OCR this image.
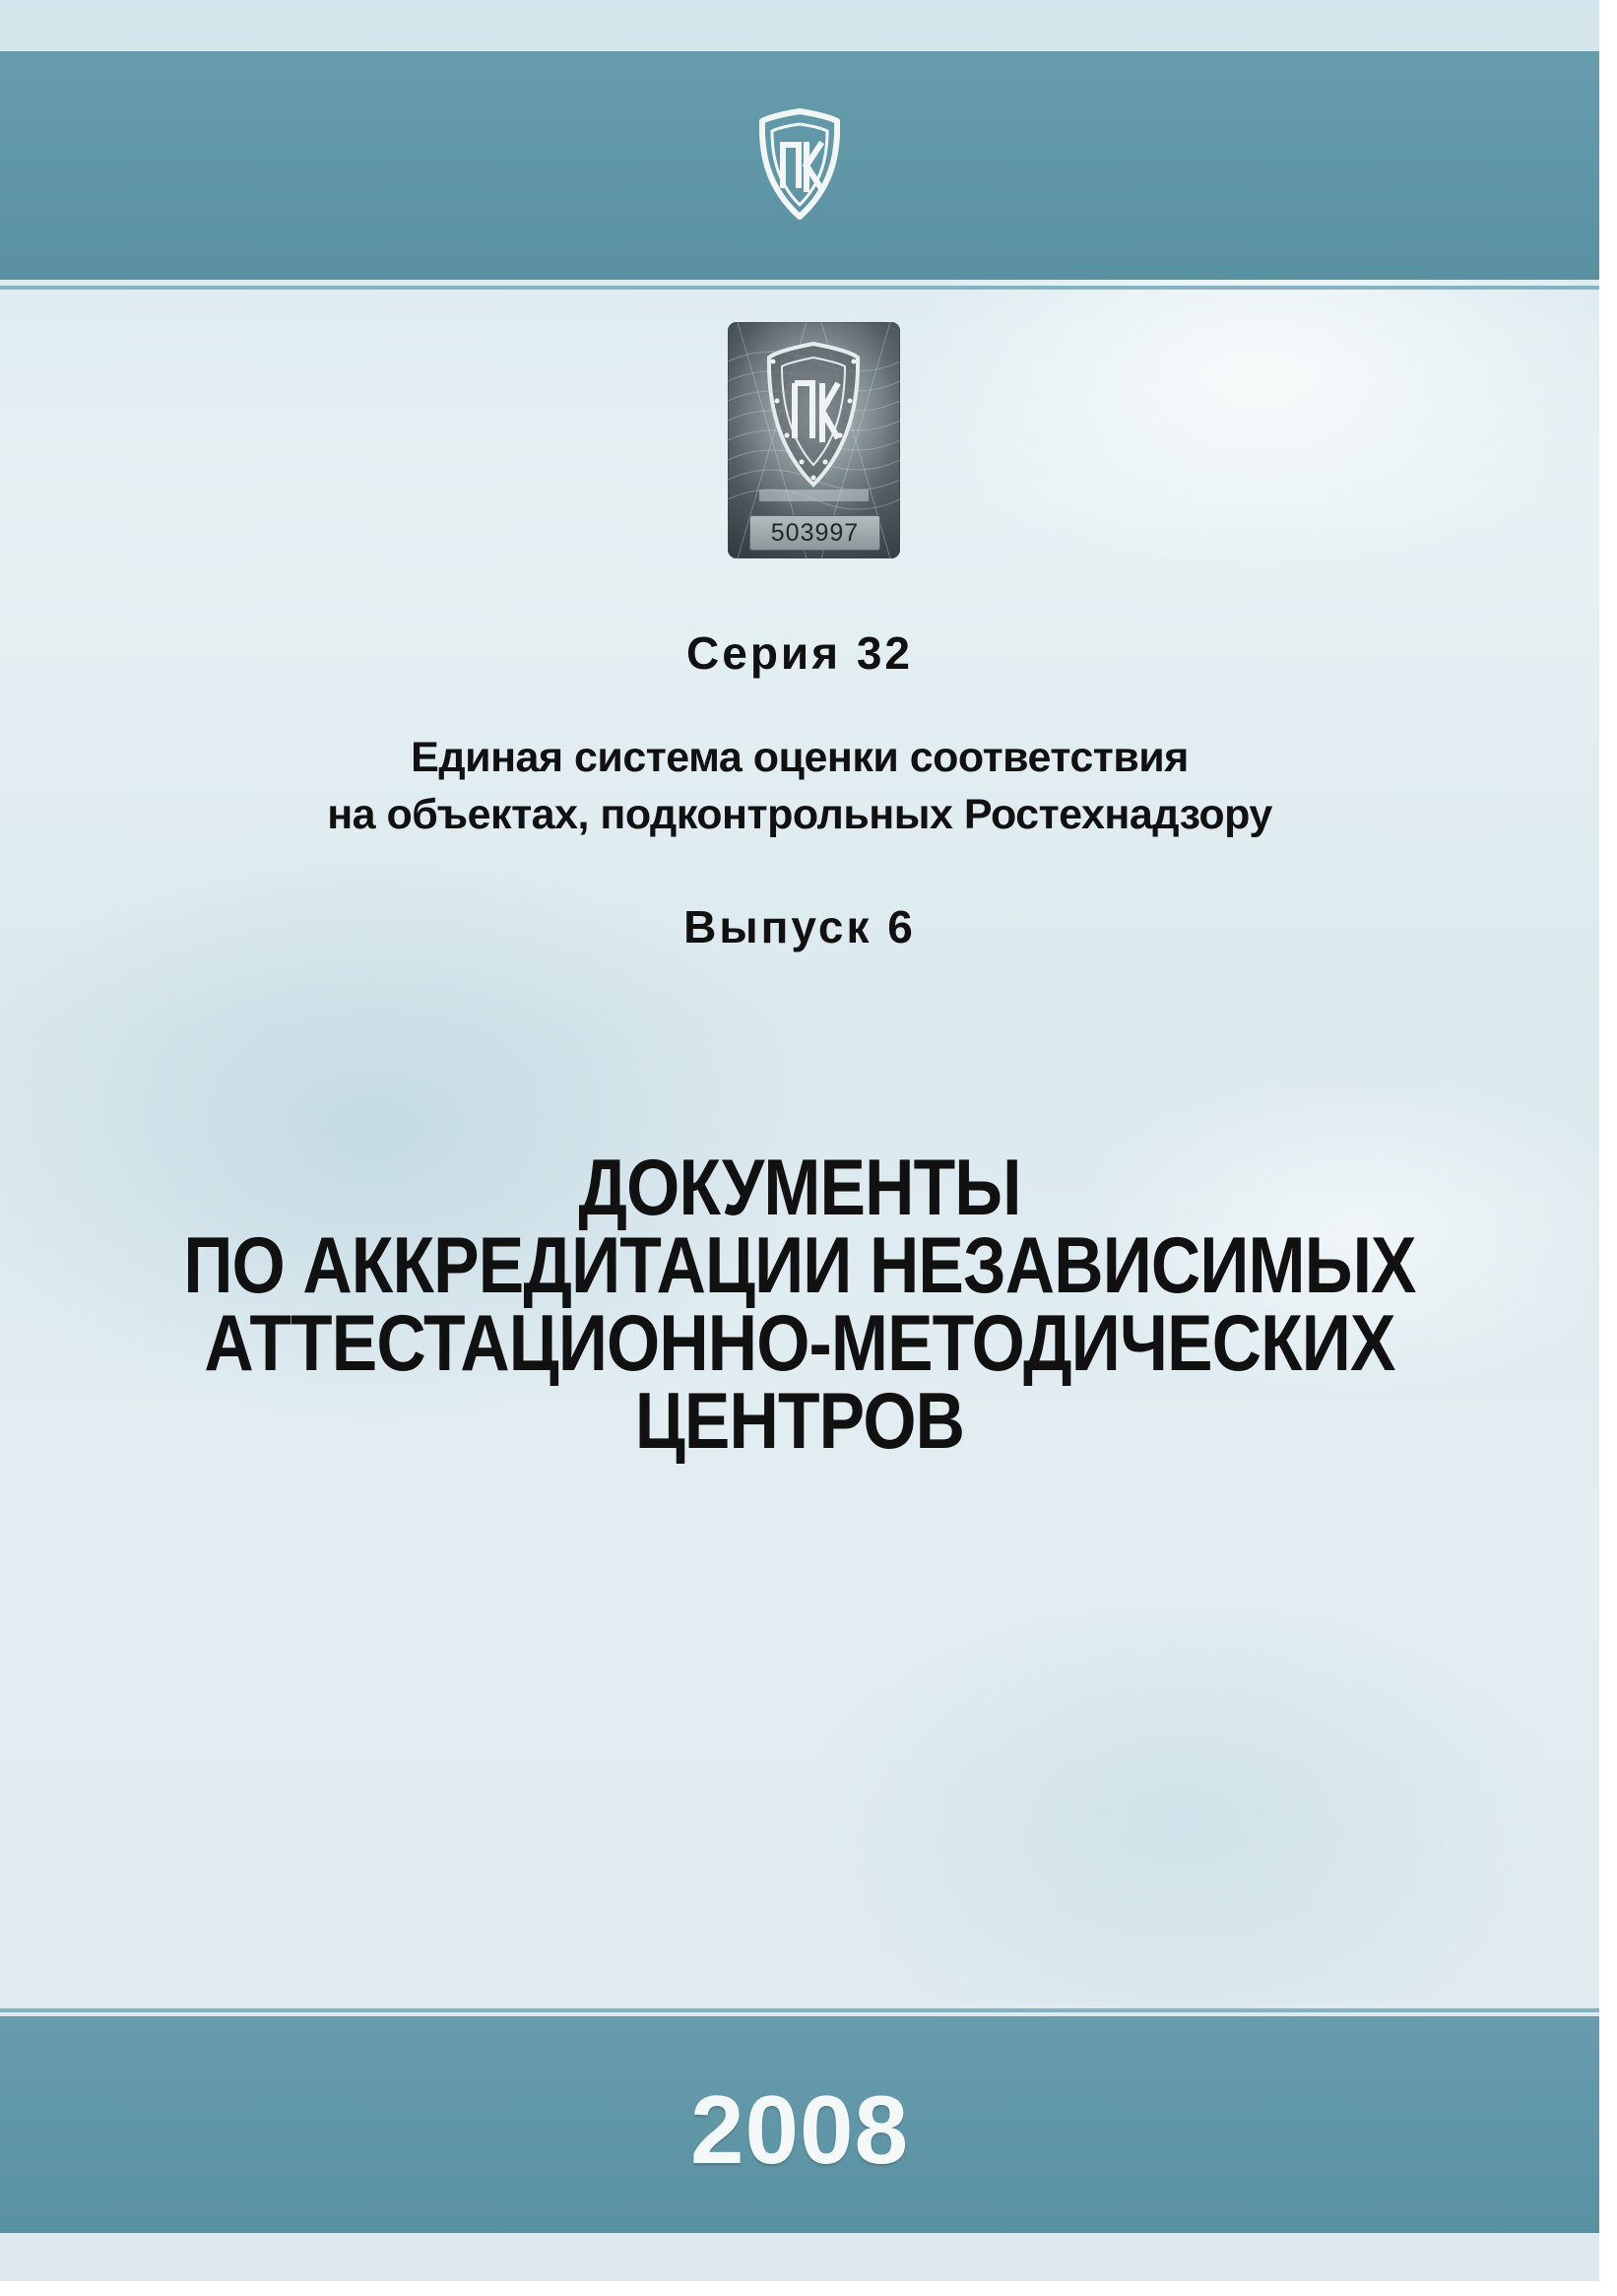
503997
Серия 32
Единая система оценки соответствия
на объектах, подконтрольных Ростехнадзору
Выпуск 6
ДОКУМЕНТЫ
ПО АККРЕДИТАЦИИ НЕЗАВИСИМЫХ
АТТЕСТАЦИОННО-МЕТОДИЧЕСКИХ
ЦЕНТРОВ
2008
